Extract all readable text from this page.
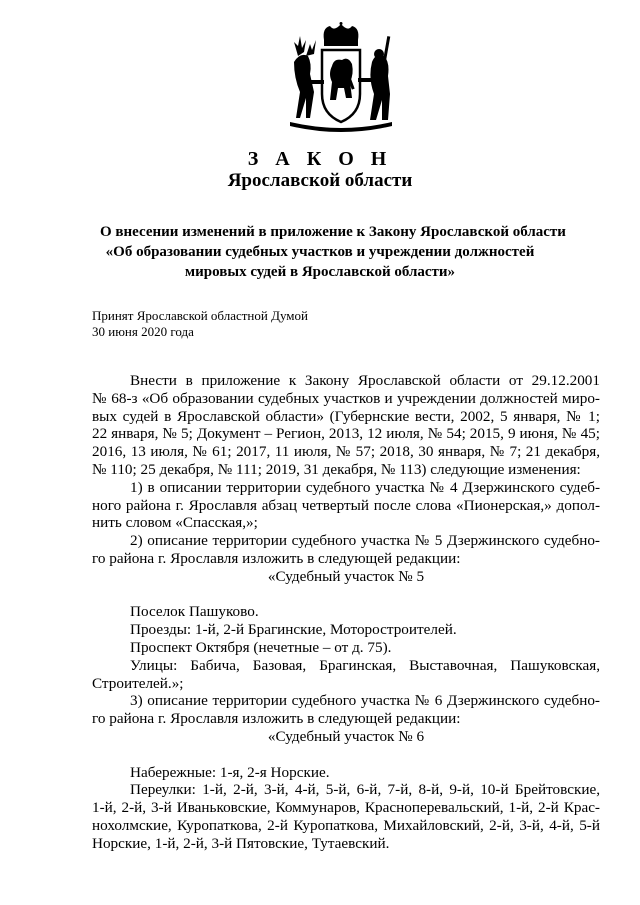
З А К О Н
Ярославской области
О внесении изменений в приложение к Закону Ярославской области
«Об образовании судебных участков и учреждении должностей
мировых судей в Ярославской области»
Принят Ярославской областной Думой
30 июня 2020 года
Внести в приложение к Закону Ярославской области от 29.12.2001
№ 68-з «Об образовании судебных участков и учреждении должностей миро-
вых судей в Ярославской области» (Губернские вести, 2002, 5 января, № 1;
22 января, № 5; Документ – Регион, 2013, 12 июля, № 54; 2015, 9 июня, № 45;
2016, 13 июля, № 61; 2017, 11 июля, № 57; 2018, 30 января, № 7; 21 декабря,
№ 110; 25 декабря, № 111; 2019, 31 декабря, № 113) следующие изменения:
1) в описании территории судебного участка № 4 Дзержинского судеб-
ного района г. Ярославля абзац четвертый после слова «Пионерская,» допол-
нить словом «Спасская,»;
2) описание территории судебного участка № 5 Дзержинского судебно-
го района г. Ярославля изложить в следующей редакции:
«Судебный участок № 5
Поселок Пашуково.
Проезды: 1-й, 2-й Брагинские, Моторостроителей.
Проспект Октября (нечетные – от д. 75).
Улицы: Бабича, Базовая, Брагинская, Выставочная, Пашуковская,
Строителей.»;
3) описание территории судебного участка № 6 Дзержинского судебно-
го района г. Ярославля изложить в следующей редакции:
«Судебный участок № 6
Набережные: 1-я, 2-я Норские.
Переулки: 1-й, 2-й, 3-й, 4-й, 5-й, 6-й, 7-й, 8-й, 9-й, 10-й Брейтовские,
1-й, 2-й, 3-й Иваньковские, Коммунаров, Красноперевальский, 1-й, 2-й Крас-
нохолмские, Куропаткова, 2-й Куропаткова, Михайловский, 2-й, 3-й, 4-й, 5-й
Норские, 1-й, 2-й, 3-й Пятовские, Тутаевский.
